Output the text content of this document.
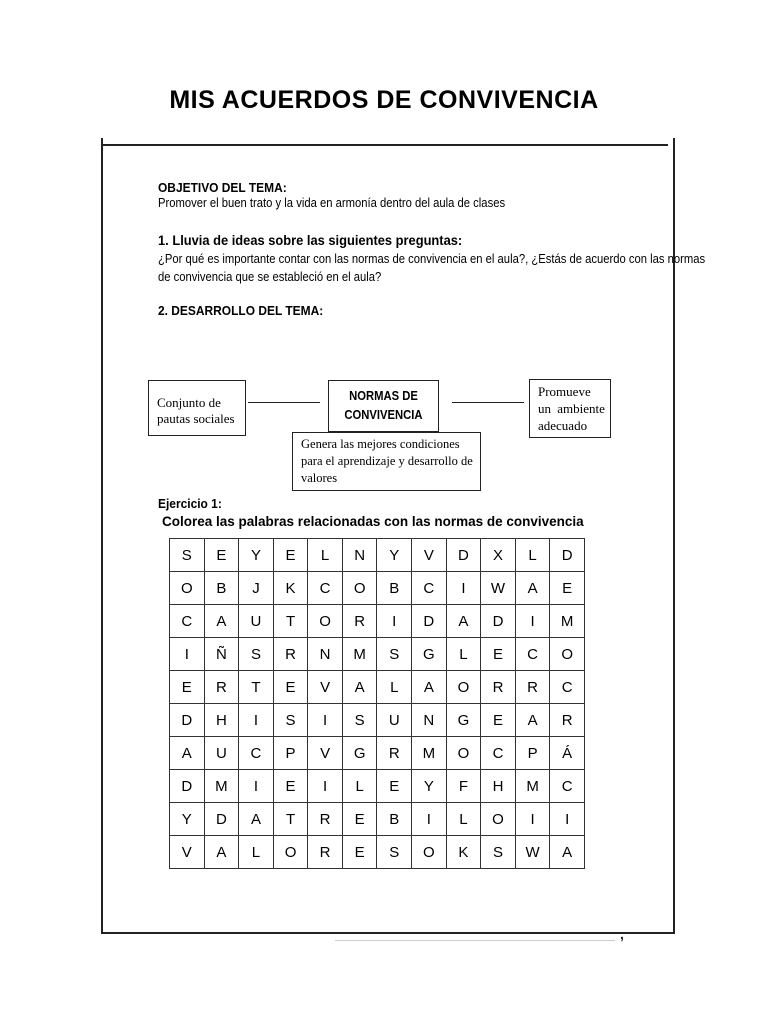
MIS ACUERDOS DE CONVIVENCIA
,
OBJETIVO DEL TEMA:
Promover el buen trato y la vida en armonía dentro del aula de clases
1. Lluvia de ideas sobre las siguientes preguntas:
¿Por qué es importante contar con las normas de convivencia en el aula?, ¿Estás de acuerdo con las normas
de convivencia que se estableció en el aula?
2. DESARROLLO DEL TEMA:
Conjunto de
pautas sociales
NORMAS DE
CONVIVENCIA
Promueve
un ambiente
adecuado
Genera las mejores condiciones
para el aprendizaje y desarrollo de
valores
Ejercicio 1:
Colorea las palabras relacionadas con las normas de convivencia
S	E	Y	E	L	N	Y	V	D	X	L	D
O	B	J	K	C	O	B	C	I	W	A	E
C	A	U	T	O	R	I	D	A	D	I	M
I	Ñ	S	R	N	M	S	G	L	E	C	O
E	R	T	E	V	A	L	A	O	R	R	C
D	H	I	S	I	S	U	N	G	E	A	R
A	U	C	P	V	G	R	M	O	C	P	Á
D	M	I	E	I	L	E	Y	F	H	M	C
Y	D	A	T	R	E	B	I	L	O	I	I
V	A	L	O	R	E	S	O	K	S	W	A
